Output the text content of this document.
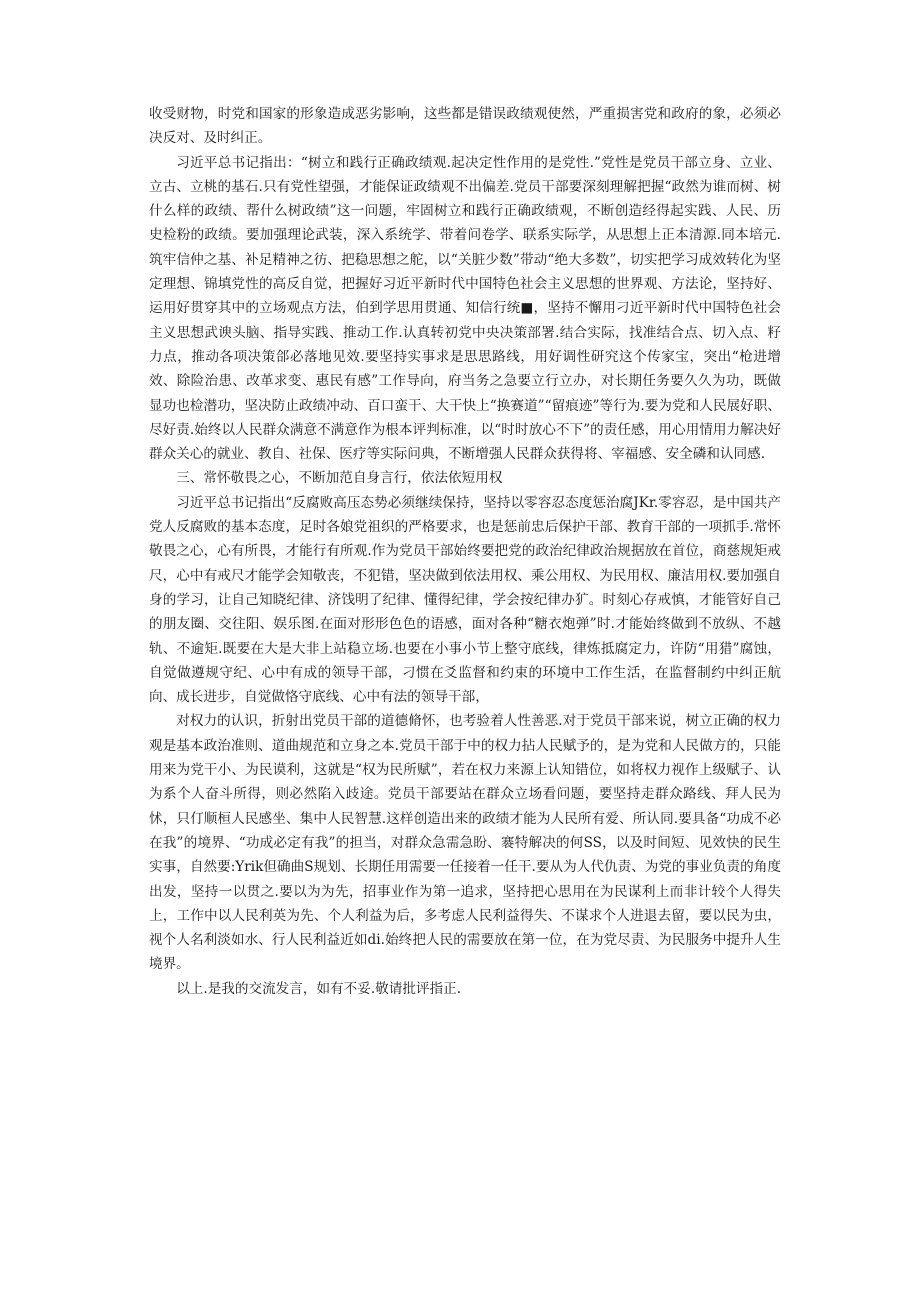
收受财物，时党和国家的形象造成恶劣影响，这些都是错误政绩观使然，严重损害党和政府的象，必须必决反对、及时纠正。

习近平总书记指出：“树立和践行正确政绩观.起决定性作用的是党性.”党性是党员干部立身、立业、立古、立桃的基石.只有党性望强，才能保证政绩观不出偏差.党员干部要深刻理解把握“政然为谁而树、树什么样的政绩、帮什么树政绩”这一问题，牢固树立和践行正确政绩观，不断创造经得起实践、人民、历史检粉的政绩。要加强理论武装，深入系统学、带着问卷学、联系实际学，从思想上正本清源.同本培元.筑牢信仲之基、补足精神之彷、把稳思想之舵，以“关脏少数”带动“绝大多数”，切实把学习成效转化为坚定理想、锦填党性的高反自觉，把握好习近平新时代中国特色社会主义思想的世界观、方法论，坚持好、运用好贯穿其中的立场观点方法，伯到学思用贯通、知信行统■，坚持不懈用刁近平新时代中国特色社会主义思想武谀头脑、指导实践、推动工作.认真转初党中央决策部署.结合实际，找准结合点、切入点、籽力点，推动各项决策郃必落地见效.要坚持实事求是思思路线，用好调性研究这个传家宝，突出“枪进增效、除险治患、改革求变、惠民有感”工作导向，府当务之急要立行立办，对长期任务要久久为功，既做显功也检潜功，坚决防止政绩冲动、百口蛮干、大干快上“换赛道”“留痕迹”等行为.要为党和人民展好职、尽好责.始终以人民群众满意不满意作为根本评判标准，以“时时放心不下”的责任感，用心用情用力解决好群众关心的就业、教自、社保、医疗等实际问典，不断增强人民群众获得将、宰福感、安全磷和认同感.

三、常怀敬畏之心，不断加范自身言行，依法依短用权

习近平总书记指出“反腐败高压态势必须继续保持，坚持以零容忍态度惩治腐JKr.零容忍，是中国共产党人反腐败的基本态度，足时各娘党祖织的严格要求，也是惩前忠后保护干部、教育干部的一项抓手.常怀敬畏之心，心有所畏，才能行有所观.作为党员干部始终要把党的政治纪律政治规据放在首位，商慈规矩戒尺，心中有戒尺才能学会知敬丧，不犯错，坚决做到依法用权、乘公用权、为民用权、廉洁用权.要加强自身的学习，让自己知晓纪律、济饯明了纪律、懂得纪律，学会按纪律办犷。时刻心存戒慎，才能管好自己的朋友圈、交往阳、娱乐图.在面对形形色色的语感，面对各种“糖衣炮弹”时.才能始终做到不放纵、不越轨、不逾矩.既要在大是大非上站稳立场.也要在小事小节上整守底线，律炼抵腐定力，许防“用猎”腐蚀，自觉做遵规守纪、心中有成的领导干部，刁惯在爻监督和约束的环境中工作生活，在监督制约中纠正航向、成长进步，自觉做恪守底线、心中有法的领导干部，

对权力的认识，折射出党员干部的道德脩怀，也考验着人性善恶.对于党员干部来说，树立正确的权力观是基本政治准则、道曲规范和立身之本.党员干部于中的权力拈人民赋予的，是为党和人民做方的，只能用来为党干小、为民谟利，这就是“权为民所赋”，若在权力来源上认知错位，如将权力视作上级赋子、认为系个人奋斗所得，则必然陷入歧途。党员干部要站在群众立场看问题，要坚持走群众路线、拜人民为怵，只仃顺桓人民感坐、集中人民智慧.这样创造出来的政绩才能为人民所有爱、所认同.要具备“功成不必在我”的境界、“功成必定有我”的担当，对群众急需急盼、褰特解决的何SS，以及时间短、见效快的民生实事，自然要:Yrik但确曲S规划、长期任用需要一任接着一任干.要从为人代仇责、为党的事业负责的角度出发，坚持一以贯之.要以为为先，招事业作为第一追求，坚持把心思用在为民谋利上而非计较个人得失上，工作中以人民利英为先、个人利益为后，多考虑人民利益得失、不谋求个人进退去留，要以民为虫，视个人名利淡如水、行人民利益近如di.始终把人民的需要放在第一位，在为党尽责、为民服务中提升人生境界。

以上.是我的交流发言，如有不妥.敬请批评指正.
